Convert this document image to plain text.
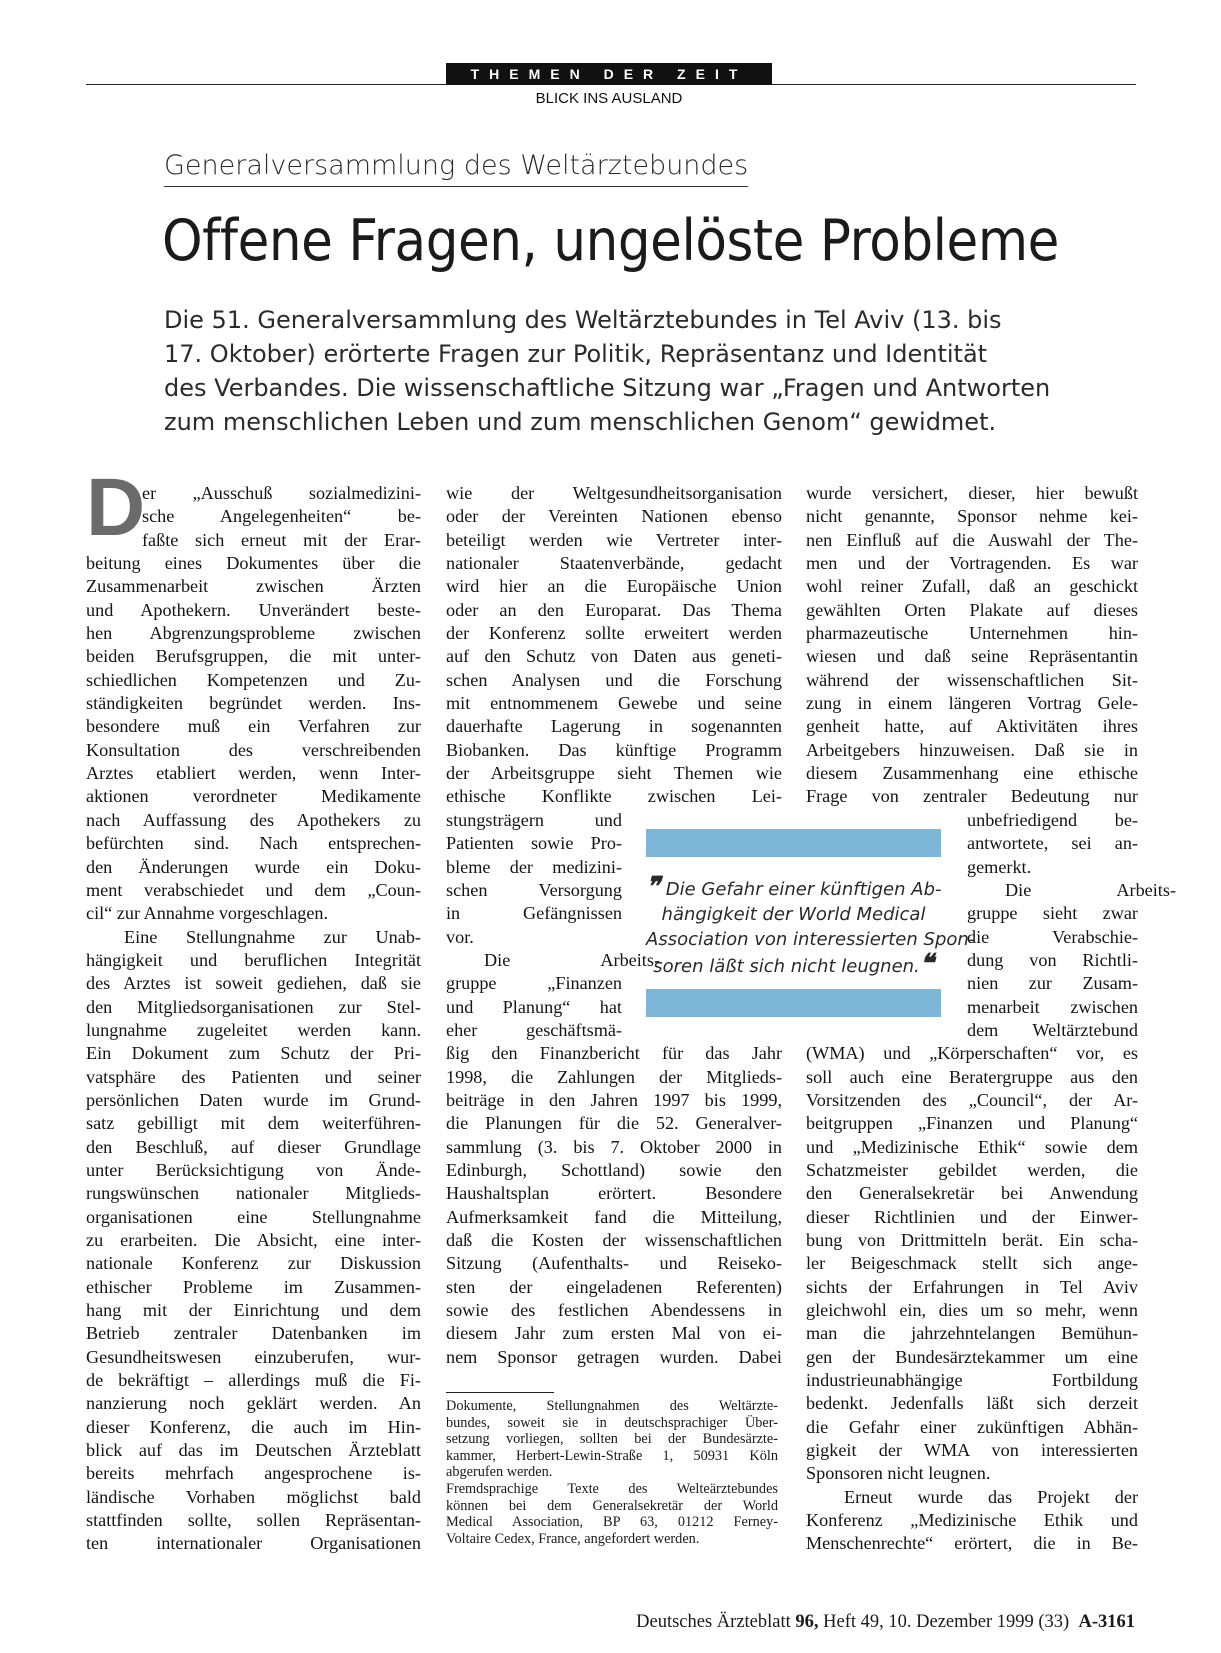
THEMEN DER ZEIT
BLICK INS AUSLAND
Generalversammlung des Weltärztebundes
Offene Fragen, ungelöste Probleme
Die 51. Generalversammlung des Weltärztebundes in Tel Aviv (13. bis
17. Oktober) erörterte Fragen zur Politik, Repräsentanz und Identität
des Verbandes. Die wissenschaftliche Sitzung war „Fragen und Antworten
zum menschlichen Leben und zum menschlichen Genom“ gewidmet.
D
er „Ausschuß sozialmedizini-
sche Angelegenheiten“ be-
faßte sich erneut mit der Erar-
beitung eines Dokumentes über die
Zusammenarbeit zwischen Ärzten
und Apothekern. Unverändert beste-
hen Abgrenzungsprobleme zwischen
beiden Berufsgruppen, die mit unter-
schiedlichen Kompetenzen und Zu-
ständigkeiten begründet werden. Ins-
besondere muß ein Verfahren zur
Konsultation des verschreibenden
Arztes etabliert werden, wenn Inter-
aktionen verordneter Medikamente
nach Auffassung des Apothekers zu
befürchten sind. Nach entsprechen-
den Änderungen wurde ein Doku-
ment verabschiedet und dem „Coun-
cil“ zur Annahme vorgeschlagen.
Eine Stellungnahme zur Unab-
hängigkeit und beruflichen Integrität
des Arztes ist soweit gediehen, daß sie
den Mitgliedsorganisationen zur Stel-
lungnahme zugeleitet werden kann.
Ein Dokument zum Schutz der Pri-
vatsphäre des Patienten und seiner
persönlichen Daten wurde im Grund-
satz gebilligt mit dem weiterführen-
den Beschluß, auf dieser Grundlage
unter Berücksichtigung von Ände-
rungswünschen nationaler Mitglieds-
organisationen eine Stellungnahme
zu erarbeiten. Die Absicht, eine inter-
nationale Konferenz zur Diskussion
ethischer Probleme im Zusammen-
hang mit der Einrichtung und dem
Betrieb zentraler Datenbanken im
Gesundheitswesen einzuberufen, wur-
de bekräftigt – allerdings muß die Fi-
nanzierung noch geklärt werden. An
dieser Konferenz, die auch im Hin-
blick auf das im Deutschen Ärzteblatt
bereits mehrfach angesprochene is-
ländische Vorhaben möglichst bald
stattfinden sollte, sollen Repräsentan-
ten internationaler Organisationen
wie der Weltgesundheitsorganisation
oder der Vereinten Nationen ebenso
beteiligt werden wie Vertreter inter-
nationaler Staatenverbände, gedacht
wird hier an die Europäische Union
oder an den Europarat. Das Thema
der Konferenz sollte erweitert werden
auf den Schutz von Daten aus geneti-
schen Analysen und die Forschung
mit entnommenem Gewebe und seine
dauerhafte Lagerung in sogenannten
Biobanken. Das künftige Programm
der Arbeitsgruppe sieht Themen wie
ethische Konflikte zwischen Lei-
stungsträgern und
Patienten sowie Pro-
bleme der medizini-
schen Versorgung
in Gefängnissen
vor.
Die Arbeits-
gruppe „Finanzen
und Planung“ hat
eher geschäftsmä-
ßig den Finanzbericht für das Jahr
1998, die Zahlungen der Mitglieds-
beiträge in den Jahren 1997 bis 1999,
die Planungen für die 52. Generalver-
sammlung (3. bis 7. Oktober 2000 in
Edinburgh, Schottland) sowie den
Haushaltsplan erörtert. Besondere
Aufmerksamkeit fand die Mitteilung,
daß die Kosten der wissenschaftlichen
Sitzung (Aufenthalts- und Reiseko-
sten der eingeladenen Referenten)
sowie des festlichen Abendessens in
diesem Jahr zum ersten Mal von ei-
nem Sponsor getragen wurden. Dabei
wurde versichert, dieser, hier bewußt
nicht genannte, Sponsor nehme kei-
nen Einfluß auf die Auswahl der The-
men und der Vortragenden. Es war
wohl reiner Zufall, daß an geschickt
gewählten Orten Plakate auf dieses
pharmazeutische Unternehmen hin-
wiesen und daß seine Repräsentantin
während der wissenschaftlichen Sit-
zung in einem längeren Vortrag Gele-
genheit hatte, auf Aktivitäten ihres
Arbeitgebers hinzuweisen. Daß sie in
diesem Zusammenhang eine ethische
Frage von zentraler Bedeutung nur
unbefriedigend be-
antwortete, sei an-
gemerkt.
Die Arbeits-
gruppe sieht zwar
die Verabschie-
dung von Richtli-
nien zur Zusam-
menarbeit zwischen
dem Weltärztebund
(WMA) und „Körperschaften“ vor, es
soll auch eine Beratergruppe aus den
Vorsitzenden des „Council“, der Ar-
beitgruppen „Finanzen und Planung“
und „Medizinische Ethik“ sowie dem
Schatzmeister gebildet werden, die
den Generalsekretär bei Anwendung
dieser Richtlinien und der Einwer-
bung von Drittmitteln berät. Ein scha-
ler Beigeschmack stellt sich ange-
sichts der Erfahrungen in Tel Aviv
gleichwohl ein, dies um so mehr, wenn
man die jahrzehntelangen Bemühun-
gen der Bundesärztekammer um eine
industrieunabhängige Fortbildung
bedenkt. Jedenfalls läßt sich derzeit
die Gefahr einer zukünftigen Abhän-
gigkeit der WMA von interessierten
Sponsoren nicht leugnen.
Erneut wurde das Projekt der
Konferenz „Medizinische Ethik und
Menschenrechte“ erörtert, die in Be-
❞ Die Gefahr einer künftigen Ab-
hängigkeit der World Medical
Association von interessierten Spon-
soren läßt sich nicht leugnen.❝
Dokumente, Stellungnahmen des Weltärzte-
bundes, soweit sie in deutschsprachiger Über-
setzung vorliegen, sollten bei der Bundesärzte-
kammer, Herbert-Lewin-Straße 1, 50931 Köln
abgerufen werden.
Fremdsprachige Texte des Welteärztebundes
können bei dem Generalsekretär der World
Medical Association, BP 63, 01212 Ferney-
Voltaire Cedex, France, angefordert werden.
Deutsches Ärzteblatt 96, Heft 49, 10. Dezember 1999 (33) A-3161
